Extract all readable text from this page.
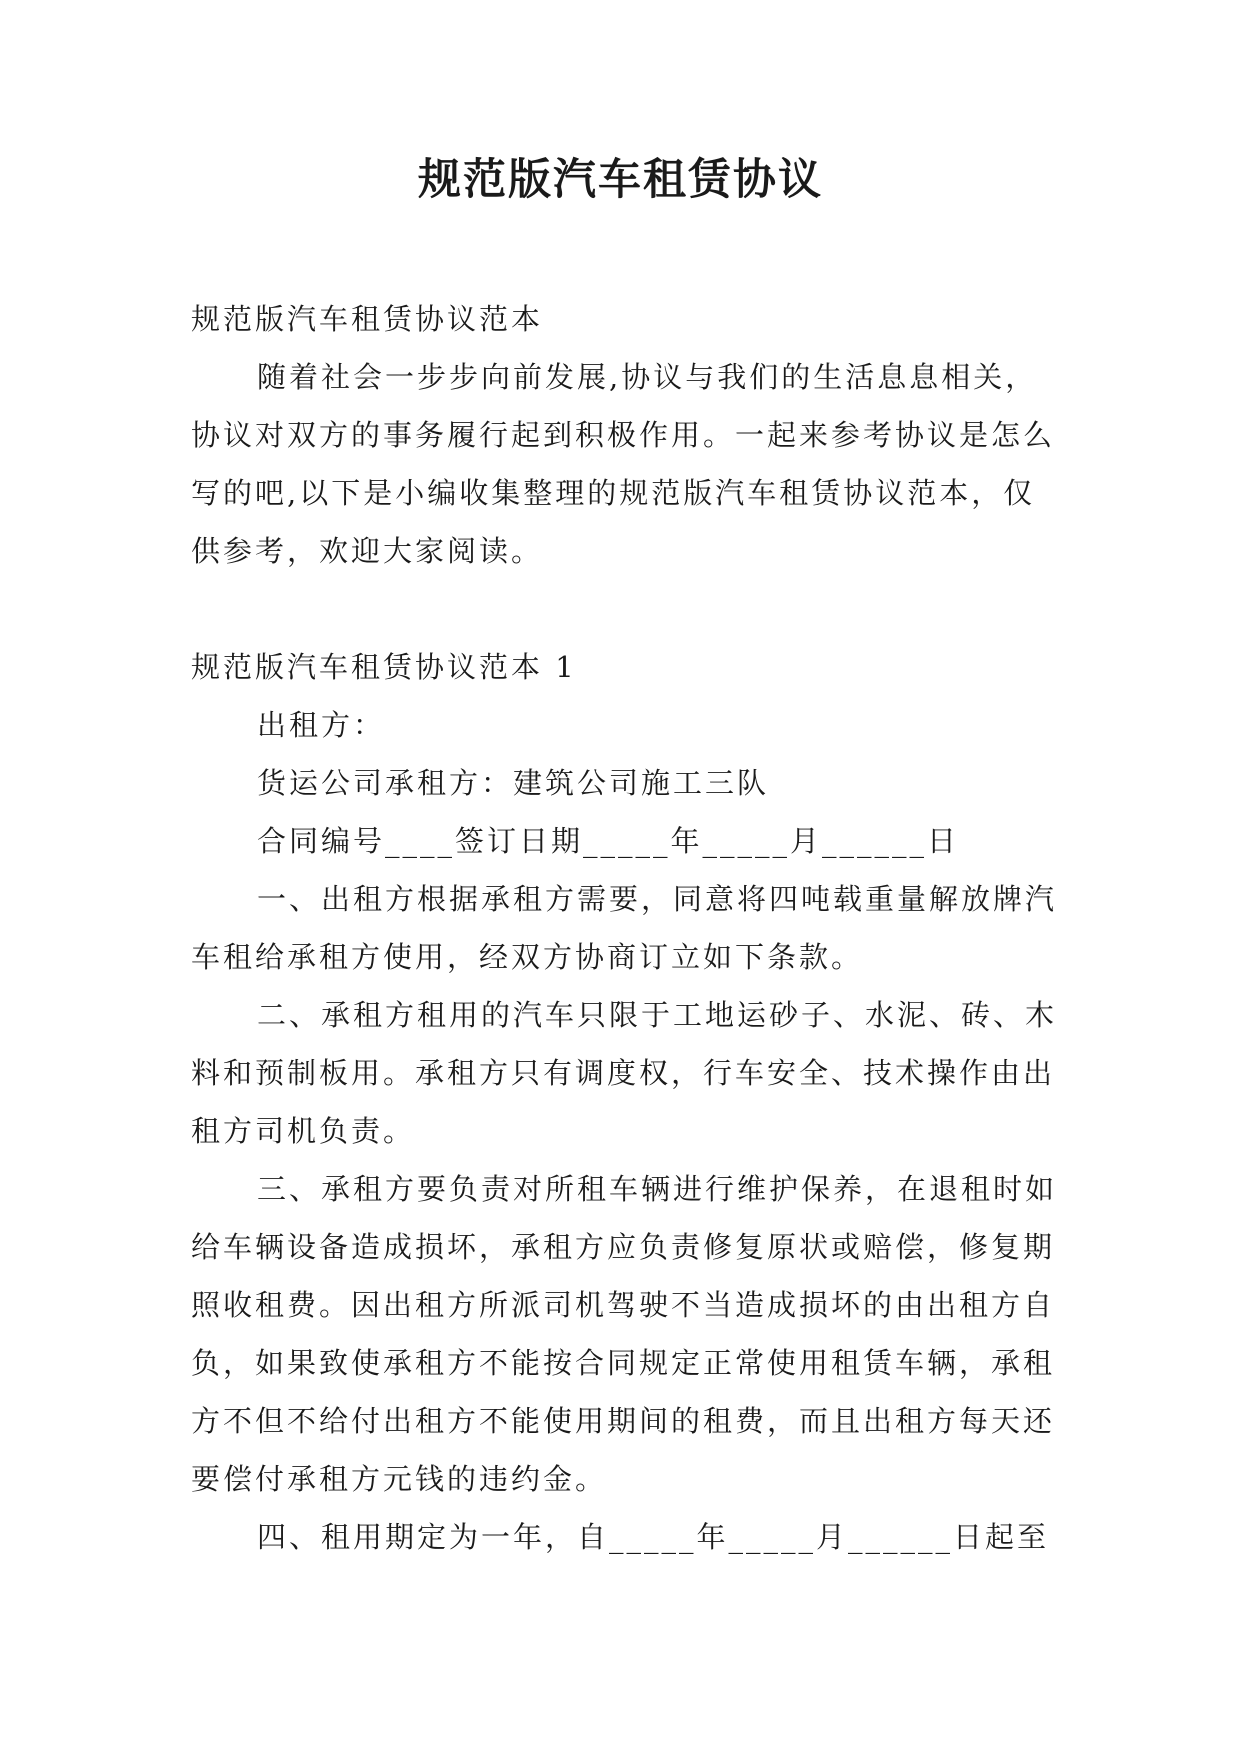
规范版汽车租赁协议

规范版汽车租赁协议范本

随着社会一步步向前发展,协议与我们的生活息息相关，协议对双方的事务履行起到积极作用。一起来参考协议是怎么写的吧,以下是小编收集整理的规范版汽车租赁协议范本，仅供参考，欢迎大家阅读。

规范版汽车租赁协议范本 1

出租方：

货运公司承租方：建筑公司施工三队

合同编号____签订日期_____年_____月______日

一、出租方根据承租方需要，同意将四吨载重量解放牌汽车租给承租方使用，经双方协商订立如下条款。

二、承租方租用的汽车只限于工地运砂子、水泥、砖、木料和预制板用。承租方只有调度权，行车安全、技术操作由出租方司机负责。

三、承租方要负责对所租车辆进行维护保养，在退租时如给车辆设备造成损坏，承租方应负责修复原状或赔偿，修复期照收租费。因出租方所派司机驾驶不当造成损坏的由出租方自负，如果致使承租方不能按合同规定正常使用租赁车辆，承租方不但不给付出租方不能使用期间的租费，而且出租方每天还要偿付承租方元钱的违约金。

四、租用期定为一年，自_____年_____月______日起至
